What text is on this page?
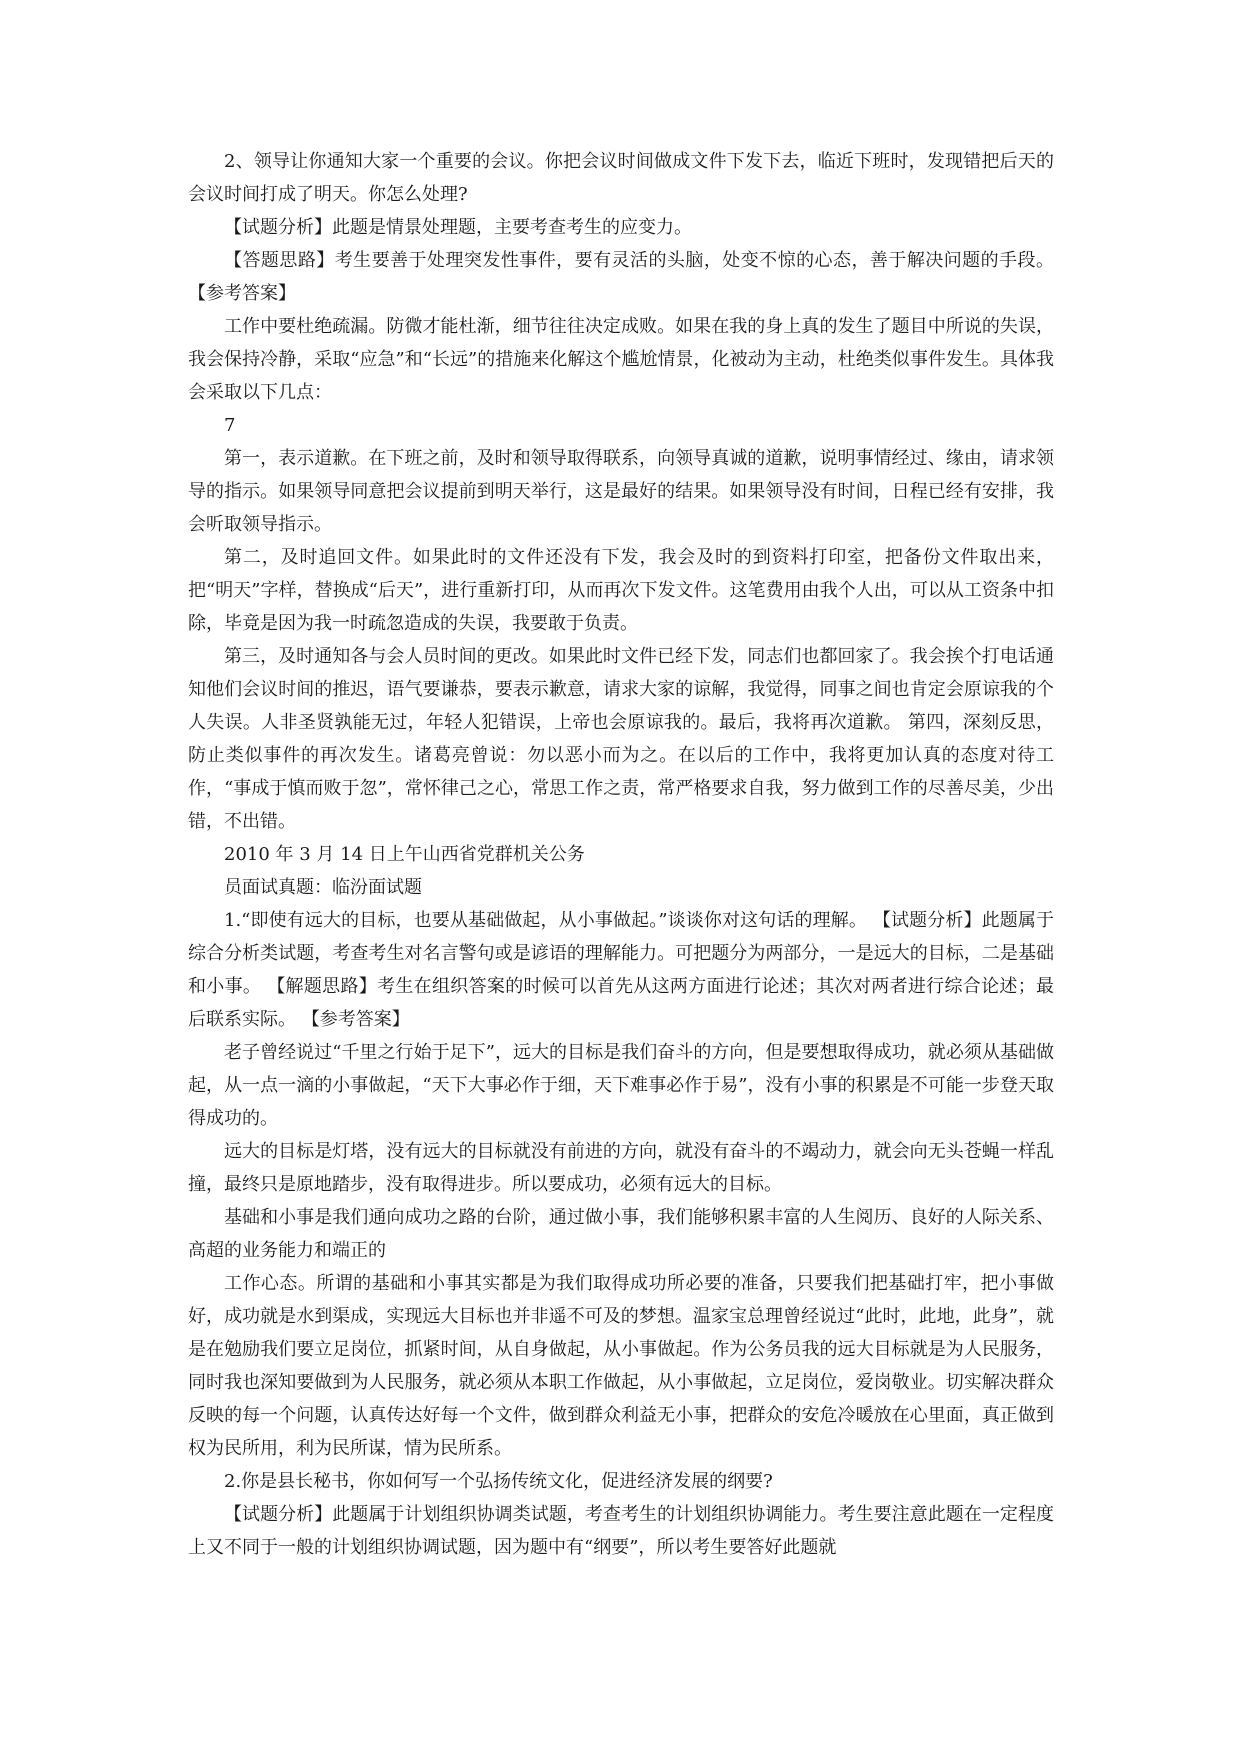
2、领导让你通知大家一个重要的会议。你把会议时间做成文件下发下去，临近下班时，发现错把后天的会议时间打成了明天。你怎么处理?

【试题分析】此题是情景处理题，主要考查考生的应变力。

【答题思路】考生要善于处理突发性事件，要有灵活的头脑，处变不惊的心态，善于解决问题的手段。 【参考答案】

工作中要杜绝疏漏。防微才能杜渐，细节往往决定成败。如果在我的身上真的发生了题目中所说的失误，我会保持冷静，采取“应急”和“长远”的措施来化解这个尴尬情景，化被动为主动，杜绝类似事件发生。具体我会采取以下几点：

7

第一，表示道歉。在下班之前，及时和领导取得联系，向领导真诚的道歉，说明事情经过、缘由，请求领导的指示。如果领导同意把会议提前到明天举行，这是最好的结果。如果领导没有时间，日程已经有安排，我会听取领导指示。

第二，及时追回文件。如果此时的文件还没有下发，我会及时的到资料打印室，把备份文件取出来，把“明天”字样，替换成“后天”，进行重新打印，从而再次下发文件。这笔费用由我个人出，可以从工资条中扣除，毕竟是因为我一时疏忽造成的失误，我要敢于负责。

第三，及时通知各与会人员时间的更改。如果此时文件已经下发，同志们也都回家了。我会挨个打电话通知他们会议时间的推迟，语气要谦恭，要表示歉意，请求大家的谅解，我觉得，同事之间也肯定会原谅我的个人失误。人非圣贤孰能无过，年轻人犯错误，上帝也会原谅我的。最后，我将再次道歉。 第四，深刻反思，防止类似事件的再次发生。诸葛亮曾说：勿以恶小而为之。在以后的工作中，我将更加认真的态度对待工作，“事成于慎而败于忽”，常怀律己之心，常思工作之责，常严格要求自我，努力做到工作的尽善尽美，少出错，不出错。

2010 年 3 月 14 日上午山西省党群机关公务

员面试真题：临汾面试题

1.“即使有远大的目标，也要从基础做起，从小事做起。”谈谈你对这句话的理解。 【试题分析】此题属于综合分析类试题，考查考生对名言警句或是谚语的理解能力。可把题分为两部分，一是远大的目标，二是基础和小事。 【解题思路】考生在组织答案的时候可以首先从这两方面进行论述；其次对两者进行综合论述；最后联系实际。 【参考答案】

老子曾经说过“千里之行始于足下”，远大的目标是我们奋斗的方向，但是要想取得成功，就必须从基础做起，从一点一滴的小事做起，“天下大事必作于细，天下难事必作于易”，没有小事的积累是不可能一步登天取得成功的。

远大的目标是灯塔，没有远大的目标就没有前进的方向，就没有奋斗的不竭动力，就会向无头苍蝇一样乱撞，最终只是原地踏步，没有取得进步。所以要成功，必须有远大的目标。

基础和小事是我们通向成功之路的台阶，通过做小事，我们能够积累丰富的人生阅历、良好的人际关系、高超的业务能力和端正的

工作心态。所谓的基础和小事其实都是为我们取得成功所必要的准备，只要我们把基础打牢，把小事做好，成功就是水到渠成，实现远大目标也并非遥不可及的梦想。温家宝总理曾经说过“此时，此地，此身”，就是在勉励我们要立足岗位，抓紧时间，从自身做起，从小事做起。作为公务员我的远大目标就是为人民服务，同时我也深知要做到为人民服务，就必须从本职工作做起，从小事做起，立足岗位，爱岗敬业。切实解决群众反映的每一个问题，认真传达好每一个文件，做到群众利益无小事，把群众的安危冷暖放在心里面，真正做到权为民所用，利为民所谋，情为民所系。

2.你是县长秘书，你如何写一个弘扬传统文化，促进经济发展的纲要?

【试题分析】此题属于计划组织协调类试题，考查考生的计划组织协调能力。考生要注意此题在一定程度上又不同于一般的计划组织协调试题，因为题中有“纲要”，所以考生要答好此题就
